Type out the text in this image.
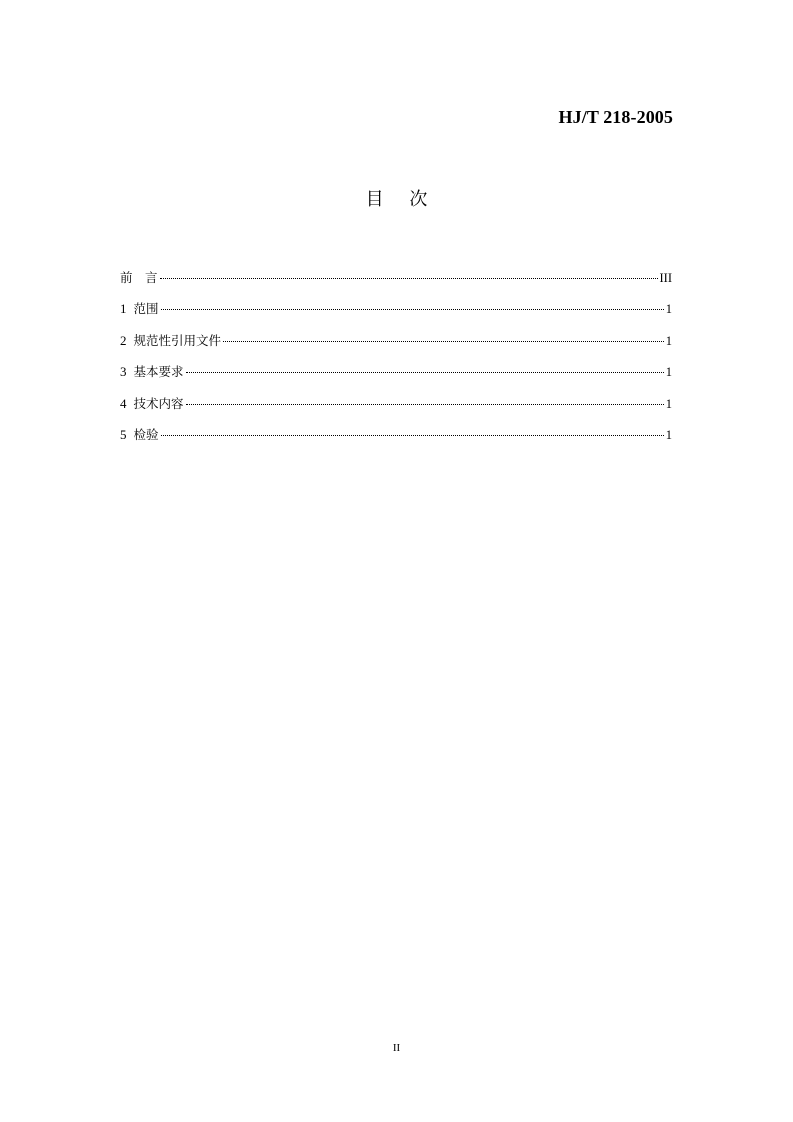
HJ/T 218-2005
目 次
前　言	III
1 范围	1
2 规范性引用文件	1
3 基本要求	1
4 技术内容	1
5 检验	1
II
